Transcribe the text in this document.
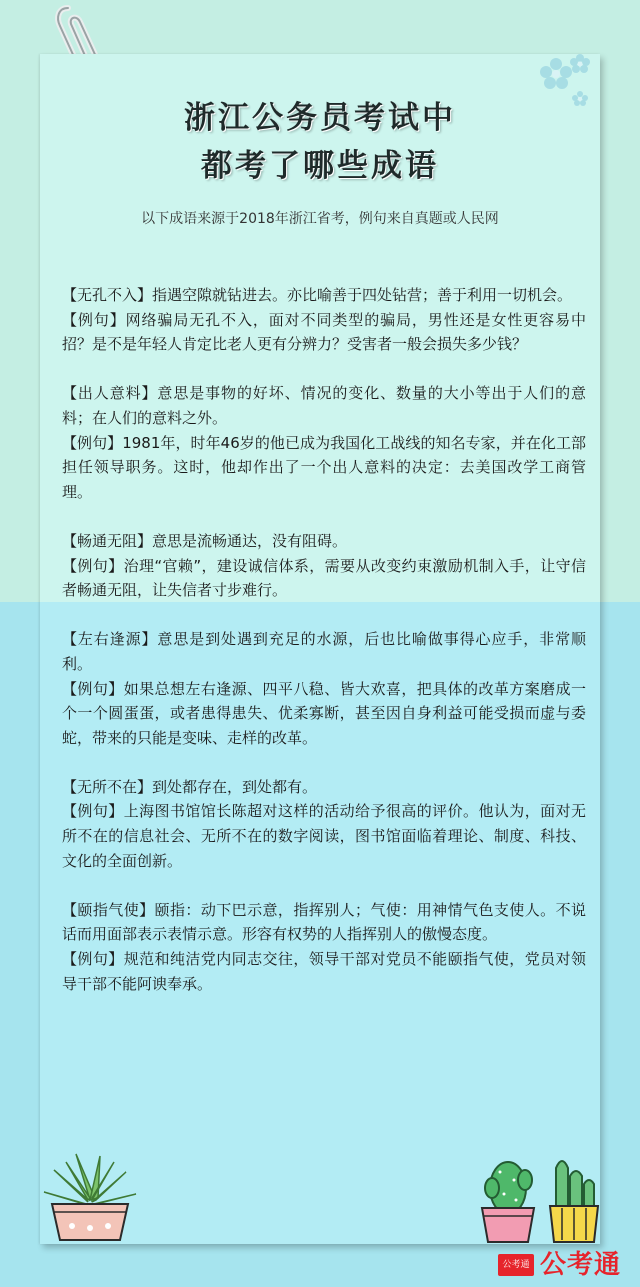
浙江公务员考试中
都考了哪些成语
以下成语来源于2018年浙江省考，例句来自真题或人民网

【无孔不入】指遇空隙就钻进去。亦比喻善于四处钻营；善于利用一切机会。

【例句】网络骗局无孔不入，面对不同类型的骗局，男性还是女性更容易中招？是不是年轻人肯定比老人更有分辨力？受害者一般会损失多少钱？

【出人意料】意思是事物的好坏、情况的变化、数量的大小等出于人们的意料；在人们的意料之外。

【例句】1981年，时年46岁的他已成为我国化工战线的知名专家，并在化工部担任领导职务。这时，他却作出了一个出人意料的决定：去美国改学工商管理。

【畅通无阻】意思是流畅通达，没有阻碍。

【例句】治理“官赖”，建设诚信体系，需要从改变约束激励机制入手，让守信者畅通无阻，让失信者寸步难行。

【左右逢源】意思是到处遇到充足的水源，后也比喻做事得心应手，非常顺利。

【例句】如果总想左右逢源、四平八稳、皆大欢喜，把具体的改革方案磨成一个一个圆蛋蛋，或者患得患失、优柔寡断，甚至因自身利益可能受损而虚与委蛇，带来的只能是变味、走样的改革。

【无所不在】到处都存在，到处都有。

【例句】上海图书馆馆长陈超对这样的活动给予很高的评价。他认为，面对无所不在的信息社会、无所不在的数字阅读，图书馆面临着理论、制度、科技、文化的全面创新。

【颐指气使】颐指：动下巴示意，指挥别人；气使：用神情气色支使人。不说话而用面部表示表情示意。形容有权势的人指挥别人的傲慢态度。

【例句】规范和纯洁党内同志交往，领导干部对党员不能颐指气使，党员对领导干部不能阿谀奉承。

公考通 公考通
